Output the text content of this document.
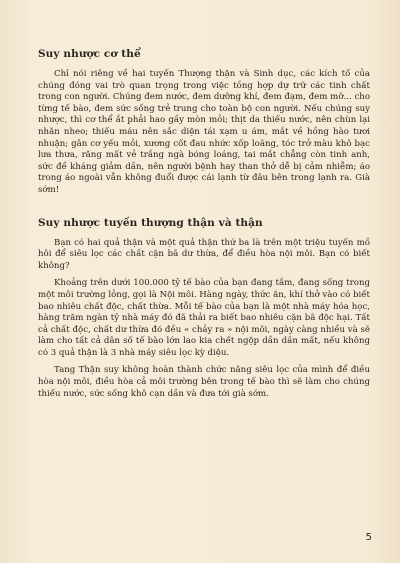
Suy nhược cơ thể

Chỉ nói riêng về hai tuyến Thượng thận và Sinh dục, các kích tố của chúng đóng vai trò quan trọng trong việc tồng hợp dự trữ các tinh chất trong con người. Chúng đem nước, đem dưỡng khí, đem đạm, đem mỡ... cho từng tế bào, đem sức sống trẻ trung cho toàn bộ con người. Nếu chúng suy nhược, thì cơ thể ắt phải hao gầy mòn mỏi; thịt da thiếu nước, nên chùn lại nhăn nheo; thiếu máu nên sắc diện tái xạm u ám, mắt về hồng hào tươi nhuận; gân cơ yếu mỏi, xương cốt đau nhức xốp loãng, tóc trở màu khô bạc lưa thưa, răng mất vẻ trắng ngà bóng loáng, tai mắt chẳng còn tinh anh, sức đề kháng giảm dần, nên người bệnh hay than thở dễ bị cảm nhiễm; áo trong áo ngoài vẫn không đuổi được cái lạnh từ đâu bên trong lạnh ra. Già sớm!

Suy nhược tuyến thượng thận và thận

Bạn có hai quả thận và một quả thận thứ ba là trên một triệu tuyến mồ hôi để siêu lọc các chất cặn bã dư thừa, để điều hòa nội môi. Bạn có biết không?

Khoảng trên dưới 100.000 tỷ tế bào của bạn đang tắm, đang sống trong một môi trường lỏng, gọi là Nội môi. Hàng ngày, thức ăn, khí thở vào có biết bao nhiêu chất độc, chất thừa. Mỗi tế bào của bạn là một nhà máy hóa học, hàng trăm ngàn tỷ nhà máy đó đã thải ra biết bao nhiêu cặn bã độc hại. Tất cả chất độc, chất dư thừa đó đều « chảy ra » nội môi, ngày càng nhiều và sẽ làm cho tất cả dân số tế bào lớn lao kia chết ngộp dần dần mất, nếu không có 3 quả thận là 3 nhà máy siêu lọc kỳ diệu.

Tang Thận suy không hoàn thành chức năng siêu lọc của mình để điều hòa nội môi, điều hòa cả môi trường bên trong tế bào thì sẽ làm cho chúng thiếu nước, sức sống khô cạn dần và đưa tới già sớm.

5
